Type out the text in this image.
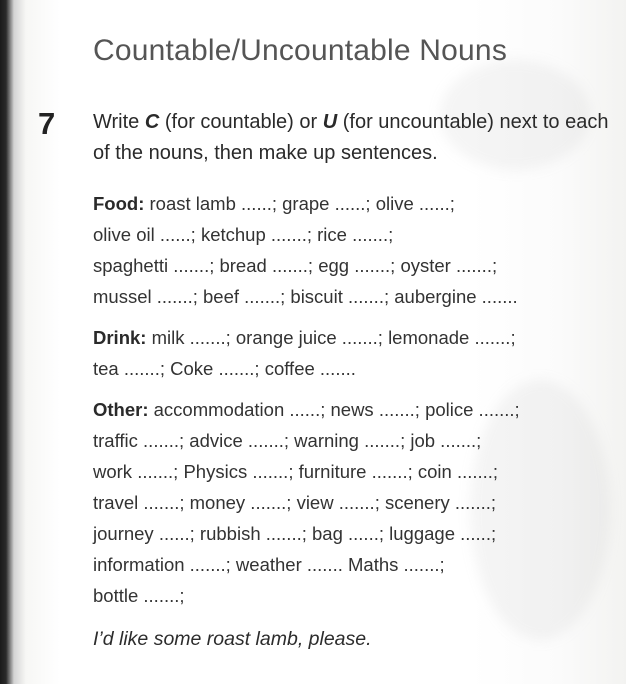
Countable/Uncountable Nouns
7 Write C (for countable) or U (for uncountable) next to each of the nouns, then make up sentences.
Food: roast lamb ......; grape ......; olive ......;
olive oil ......; ketchup .......; rice .......;
spaghetti .......; bread .......; egg .......; oyster .......;
mussel .......; beef .......; biscuit .......; aubergine .......
Drink: milk .......; orange juice .......; lemonade .......;
tea .......; Coke .......; coffee .......
Other: accommodation ......; news .......; police .......;
traffic .......; advice .......; warning .......; job .......;
work .......; Physics .......; furniture .......; coin .......;
travel .......; money .......; view .......; scenery .......;
journey ......; rubbish .......; bag ......; luggage ......;
information .......; weather ....... Maths .......;
bottle .......;
I’d like some roast lamb, please.
